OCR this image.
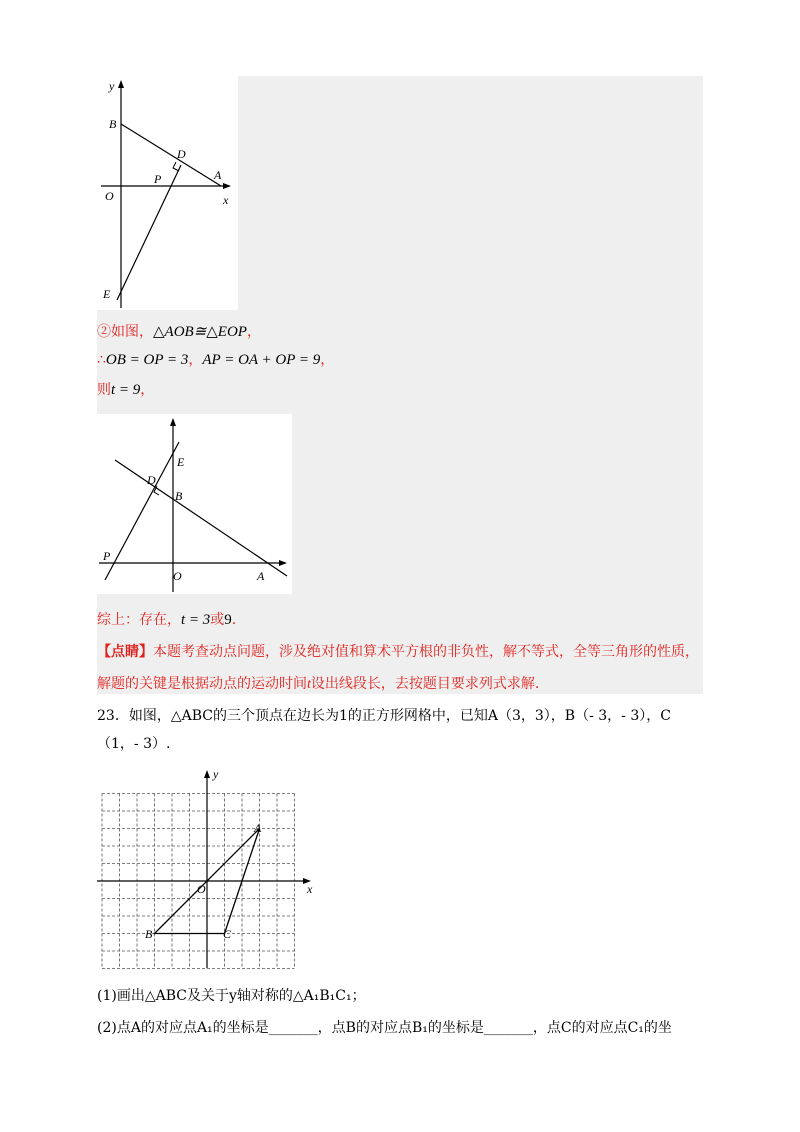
y
B
D
P	A
O	x
E
②如图，△AOB≅△EOP，
∴OB = OP = 3，AP = OA + OP = 9，
则t = 9，
E
D
B
P
O	A
综上：存在，t = 3或9.
【点睛】本题考查动点问题，涉及绝对值和算术平方根的非负性，解不等式，全等三角形的性质，
解题的关键是根据动点的运动时间t设出线段长，去按题目要求列式求解.
23．如图，△ABC的三个顶点在边长为1的正方形网格中，已知A（3，3），B（- 3，- 3），C
（1，- 3）.
y
x
O
A
B	C
(1)画出△ABC及关于y轴对称的△A₁B₁C₁；
(2)点A的对应点A₁的坐标是_______，点B的对应点B₁的坐标是_______，点C的对应点C₁的坐
